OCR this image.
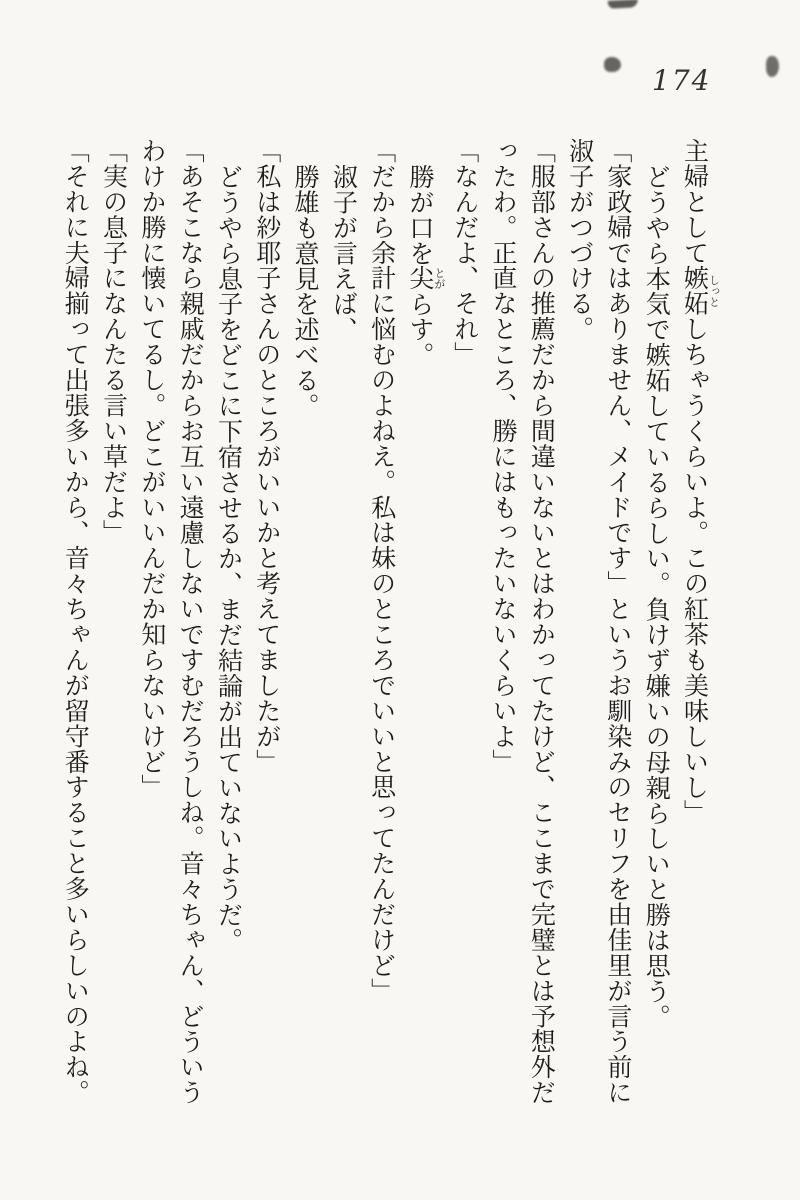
174

主婦として嫉妬しっとしちゃうくらいよ。この紅茶も美味しいし」

どうやら本気で嫉妬しているらしい。負けず嫌いの母親らしいと勝は思う。

「家政婦ではありません、メイドです」というお馴染みのセリフを由佳里が言う前に

淑子がつづける。

「服部さんの推薦だから間違いないとはわかってたけど、ここまで完璧とは予想外だ

ったわ。正直なところ、勝にはもったいないくらいよ」

「なんだよ、それ」

勝が口を尖とがらす。

「だから余計に悩むのよねえ。私は妹のところでいいと思ってたんだけど」

淑子が言えば、

勝雄も意見を述べる。

「私は紗耶子さんのところがいいかと考えてましたが」

どうやら息子をどこに下宿させるか、まだ結論が出ていないようだ。

「あそこなら親戚だからお互い遠慮しないですむだろうしね。音々ちゃん、どういう

わけか勝に懐いてるし。どこがいいんだか知らないけど」

「実の息子になんたる言い草だよ」

「それに夫婦揃って出張多いから、音々ちゃんが留守番すること多いらしいのよね。
